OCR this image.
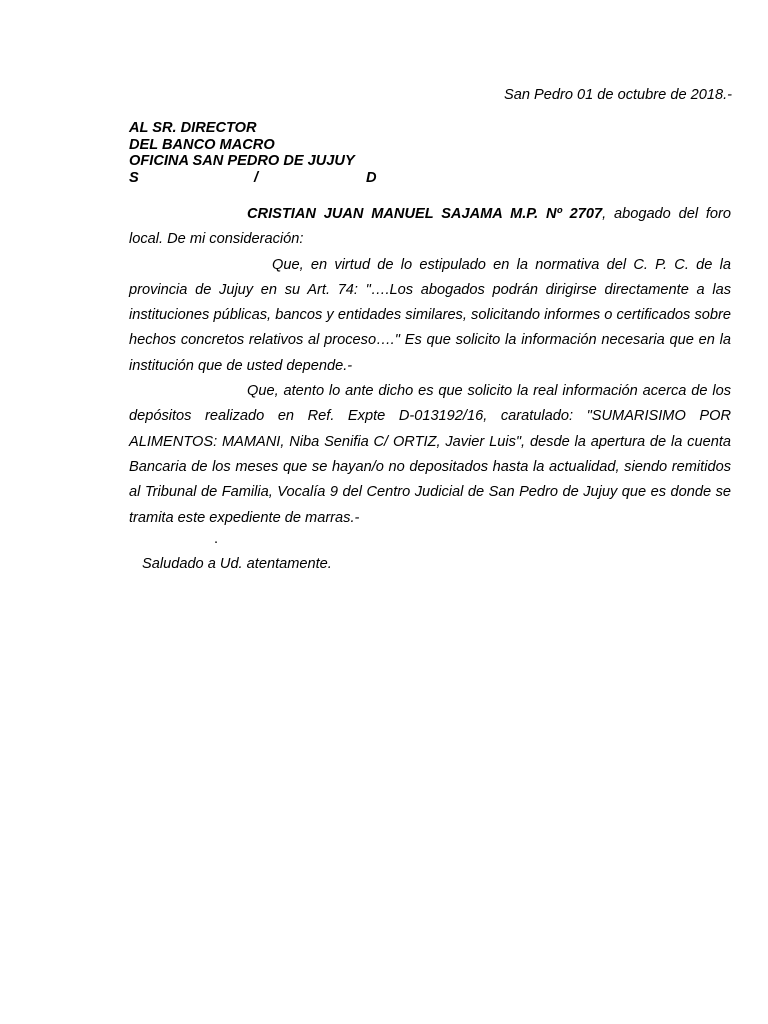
San Pedro 01 de octubre de 2018.-
AL SR. DIRECTOR
DEL BANCO MACRO
OFICINA SAN PEDRO DE JUJUY
S	/	D

CRISTIAN JUAN MANUEL SAJAMA M.P. Nº 2707, abogado del foro local. De mi consideración:

Que, en virtud de lo estipulado en la normativa del C. P. C. de la provincia de Jujuy en su Art. 74: "….Los abogados podrán dirigirse directamente a las instituciones públicas, bancos y entidades similares, solicitando informes o certificados sobre hechos concretos relativos al proceso…." Es que solicito la información necesaria que en la institución que de usted depende.-

Que, atento lo ante dicho es que solicito la real información acerca de los depósitos realizado en Ref. Expte D-013192/16, caratulado: "SUMARISIMO POR ALIMENTOS: MAMANI, Niba Senifia C/ ORTIZ, Javier Luis", desde la apertura de la cuenta Bancaria de los meses que se hayan/o no depositados hasta la actualidad, siendo remitidos al Tribunal de Familia, Vocalía 9 del Centro Judicial de San Pedro de Jujuy que es donde se tramita este expediente de marras.-

.
Saludado a Ud. atentamente.
